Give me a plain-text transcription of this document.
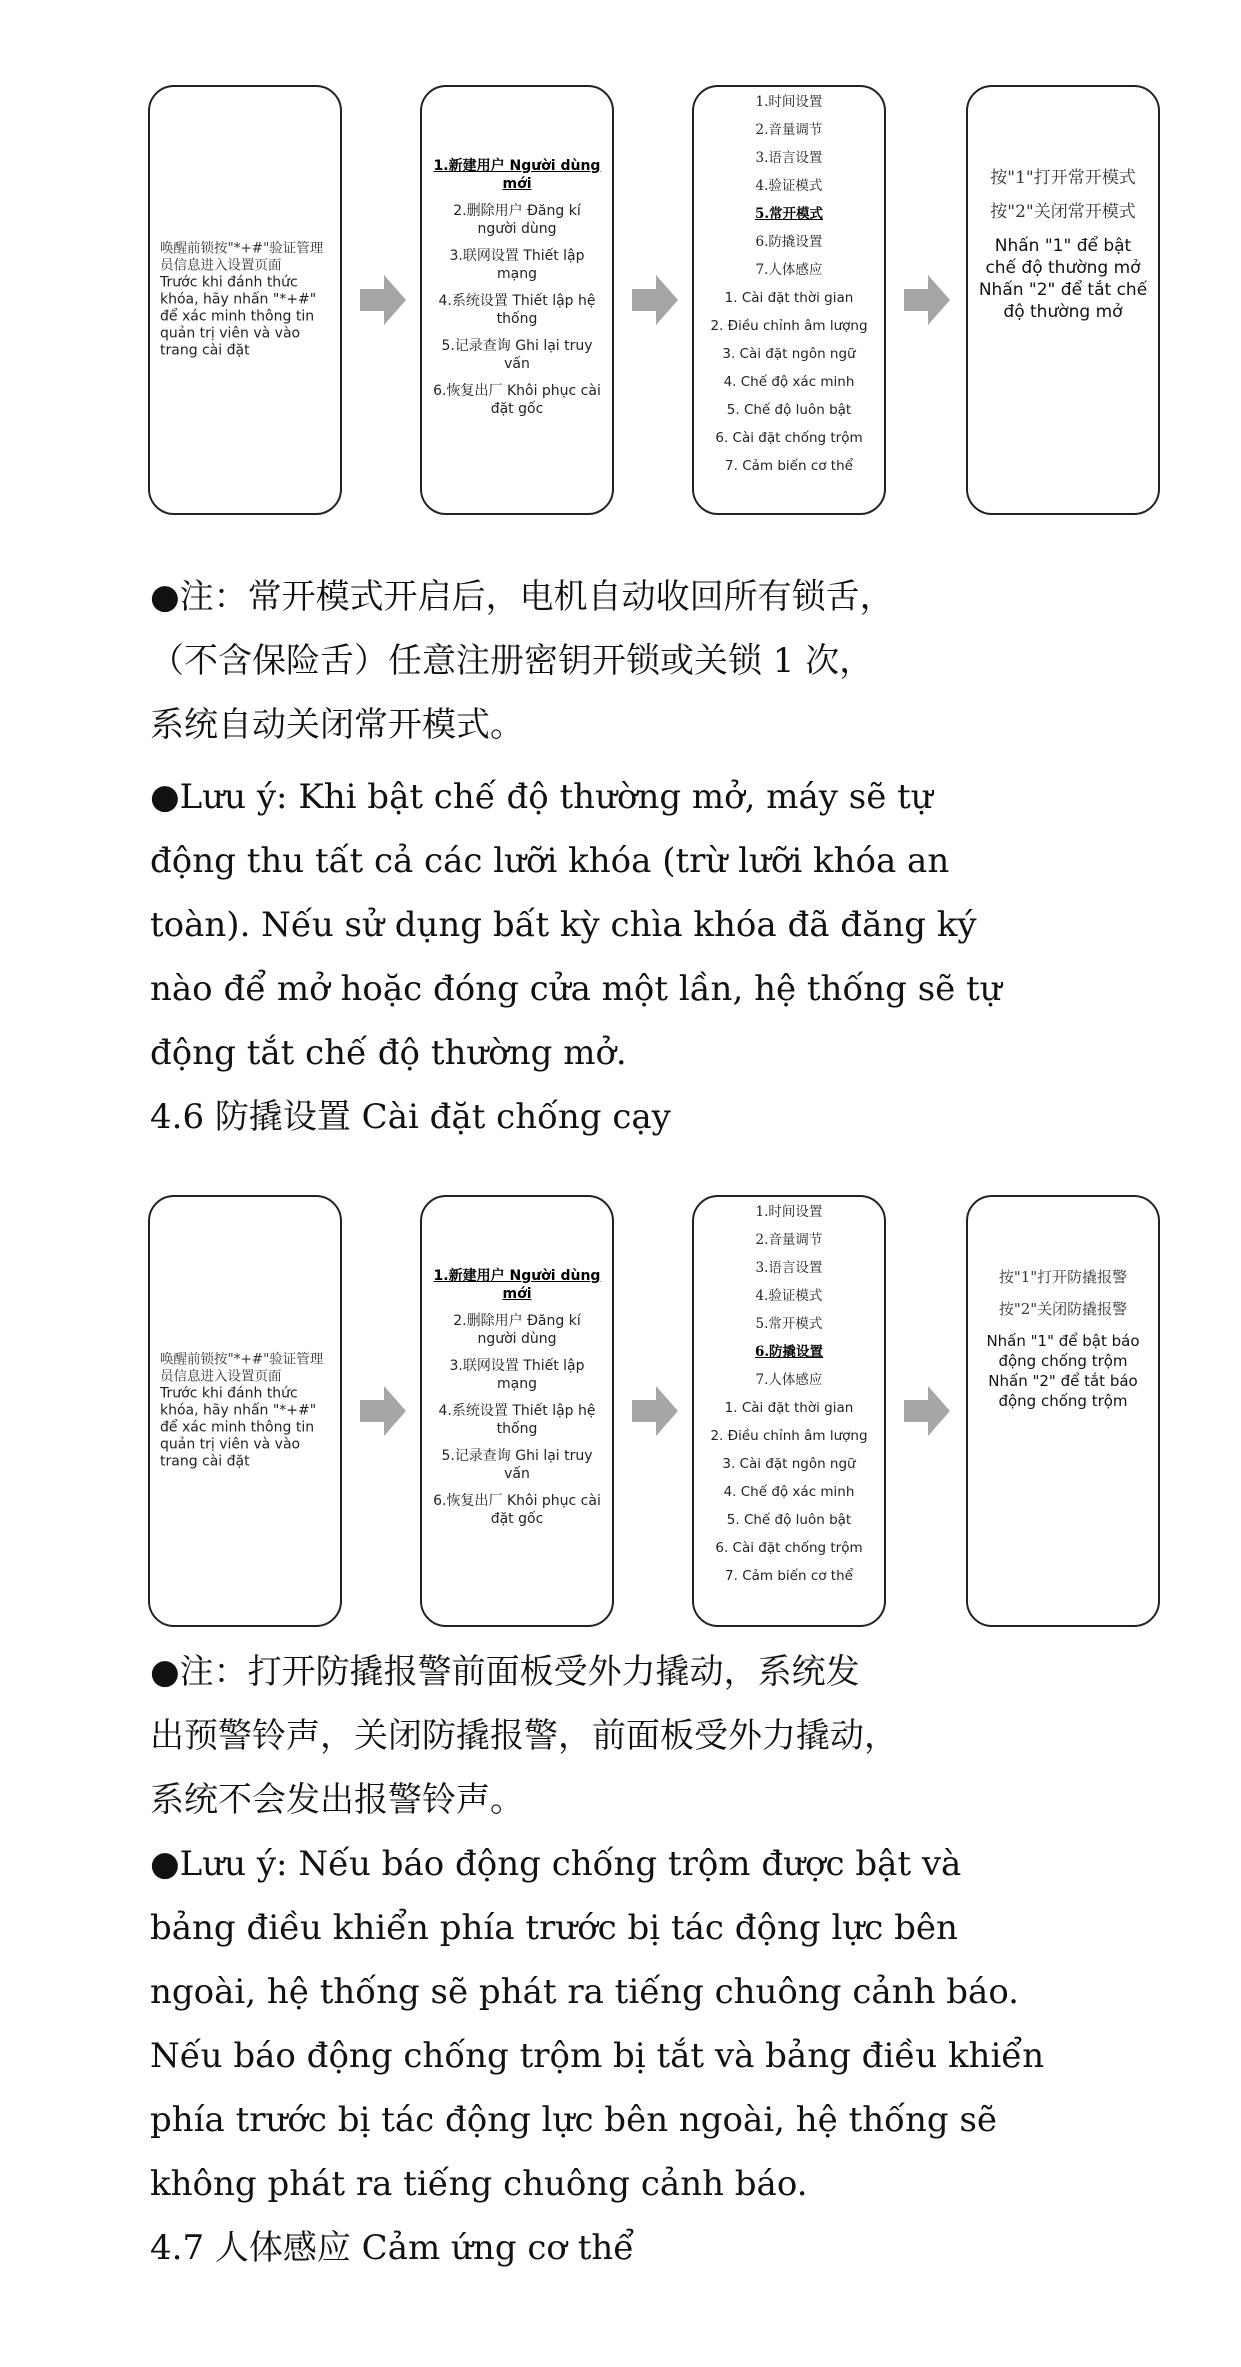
唤醒前锁按"*+#"验证管理员信息进入设置页面
Trước khi đánh thức khóa, hãy nhấn "*+#" để xác minh thông tin quản trị viên và vào trang cài đặt
1.新建用户 Người dùng mới
2.删除用户 Đăng kí người dùng
3.联网设置 Thiết lập mạng
4.系统设置 Thiết lập hệ thống
5.记录查询 Ghi lại truy vấn
6.恢复出厂 Khôi phục cài đặt gốc
1.时间设置
2.音量调节
3.语言设置
4.验证模式
5.常开模式
6.防撬设置
7.人体感应
1. Cài đặt thời gian
2. Điều chỉnh âm lượng
3. Cài đặt ngôn ngữ
4. Chế độ xác minh
5. Chế độ luôn bật
6. Cài đặt chống trộm
7. Cảm biến cơ thể
按"1"打开常开模式
按"2"关闭常开模式
Nhấn "1" để bật chế độ thường mở Nhấn "2" để tắt chế độ thường mở
●注：常开模式开启后，电机自动收回所有锁舌，
（不含保险舌）任意注册密钥开锁或关锁 1 次，
系统自动关闭常开模式。
●Lưu ý: Khi bật chế độ thường mở, máy sẽ tự
động thu tất cả các lưỡi khóa (trừ lưỡi khóa an
toàn). Nếu sử dụng bất kỳ chìa khóa đã đăng ký
nào để mở hoặc đóng cửa một lần, hệ thống sẽ tự
động tắt chế độ thường mở.
4.6 防撬设置 Cài đặt chống cạy
唤醒前锁按"*+#"验证管理员信息进入设置页面
Trước khi đánh thức khóa, hãy nhấn "*+#" để xác minh thông tin quản trị viên và vào trang cài đặt
1.新建用户 Người dùng mới
2.删除用户 Đăng kí người dùng
3.联网设置 Thiết lập mạng
4.系统设置 Thiết lập hệ thống
5.记录查询 Ghi lại truy vấn
6.恢复出厂 Khôi phục cài đặt gốc
1.时间设置
2.音量调节
3.语言设置
4.验证模式
5.常开模式
6.防撬设置
7.人体感应
1. Cài đặt thời gian
2. Điều chỉnh âm lượng
3. Cài đặt ngôn ngữ
4. Chế độ xác minh
5. Chế độ luôn bật
6. Cài đặt chống trộm
7. Cảm biến cơ thể
按"1"打开防撬报警
按"2"关闭防撬报警
Nhấn "1" để bật báo động chống trộm Nhấn "2" để tắt báo động chống trộm
●注：打开防撬报警前面板受外力撬动，系统发
出预警铃声，关闭防撬报警，前面板受外力撬动，
系统不会发出报警铃声。
●Lưu ý: Nếu báo động chống trộm được bật và
bảng điều khiển phía trước bị tác động lực bên
ngoài, hệ thống sẽ phát ra tiếng chuông cảnh báo.
Nếu báo động chống trộm bị tắt và bảng điều khiển
phía trước bị tác động lực bên ngoài, hệ thống sẽ
không phát ra tiếng chuông cảnh báo.
4.7 人体感应 Cảm ứng cơ thể
